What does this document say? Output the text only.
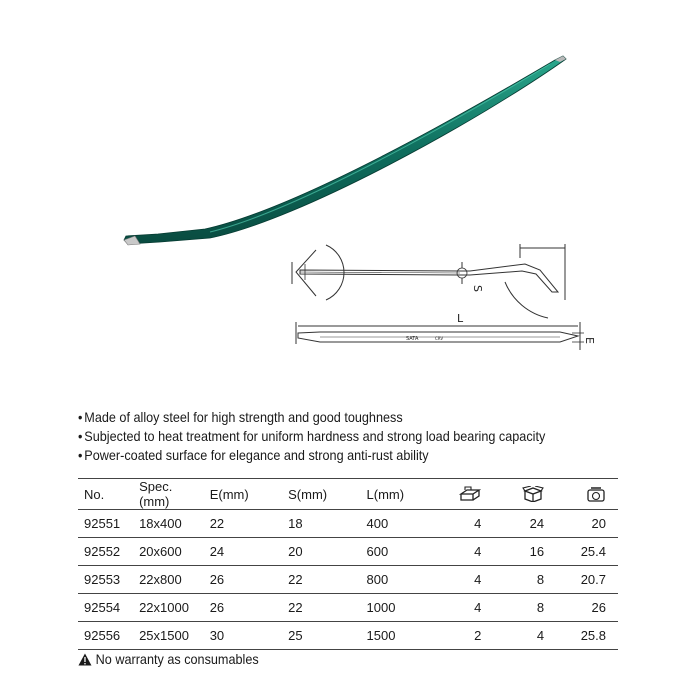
S
L
E
SATA	CRV
• Made of alloy steel for high strength and good toughness
• Subjected to heat treatment for uniform hardness and strong load bearing capacity
• Power-coated surface for elegance and strong anti-rust ability
No.	Spec. (mm)	E(mm)	S(mm)	L(mm)			
92551	18x400	22	18	400	4	24	20
92552	20x600	24	20	600	4	16	25.4
92553	22x800	26	22	800	4	8	20.7
92554	22x1000	26	22	1000	4	8	26
92556	25x1500	30	25	1500	2	4	25.8
No warranty as consumables
